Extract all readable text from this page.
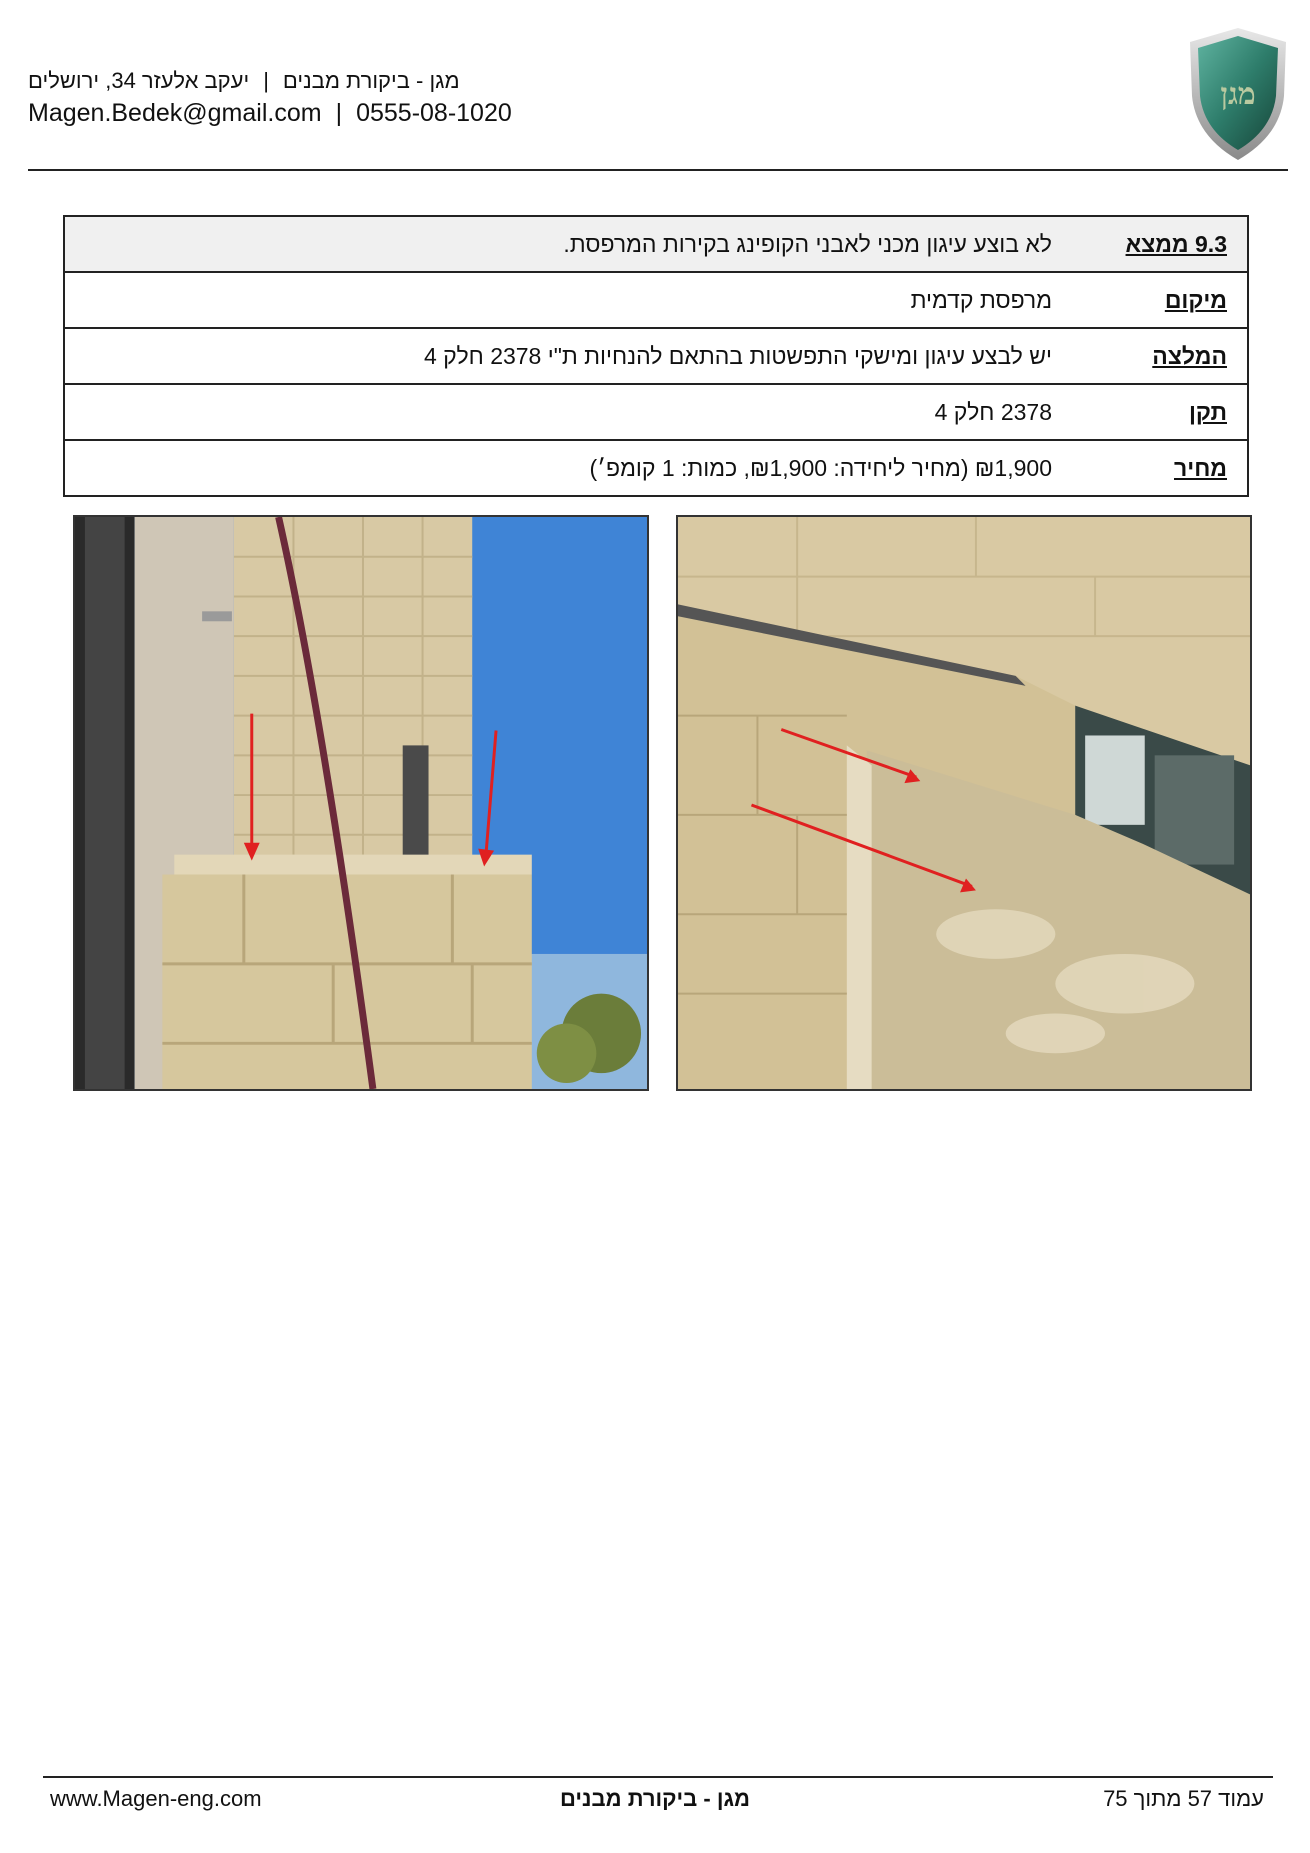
מגן - ביקורת מבנים|יעקב אלעזר 34, ירושלים
Magen.Bedek@gmail.com | 0555-08-1020
מגן
9.3 ממצא	לא בוצע עיגון מכני לאבני הקופינג בקירות המרפסת.
מיקום	מרפסת קדמית
המלצה	יש לבצע עיגון ומישקי התפשטות בהתאם להנחיות ת"י 2378 חלק 4
תקן	2378 חלק 4
מחיר	₪1,900 (מחיר ליחידה: ₪1,900, כמות: 1 קומפ׳)
www.Magen-eng.com	מגן - ביקורת מבנים	עמוד 57 מתוך 75
